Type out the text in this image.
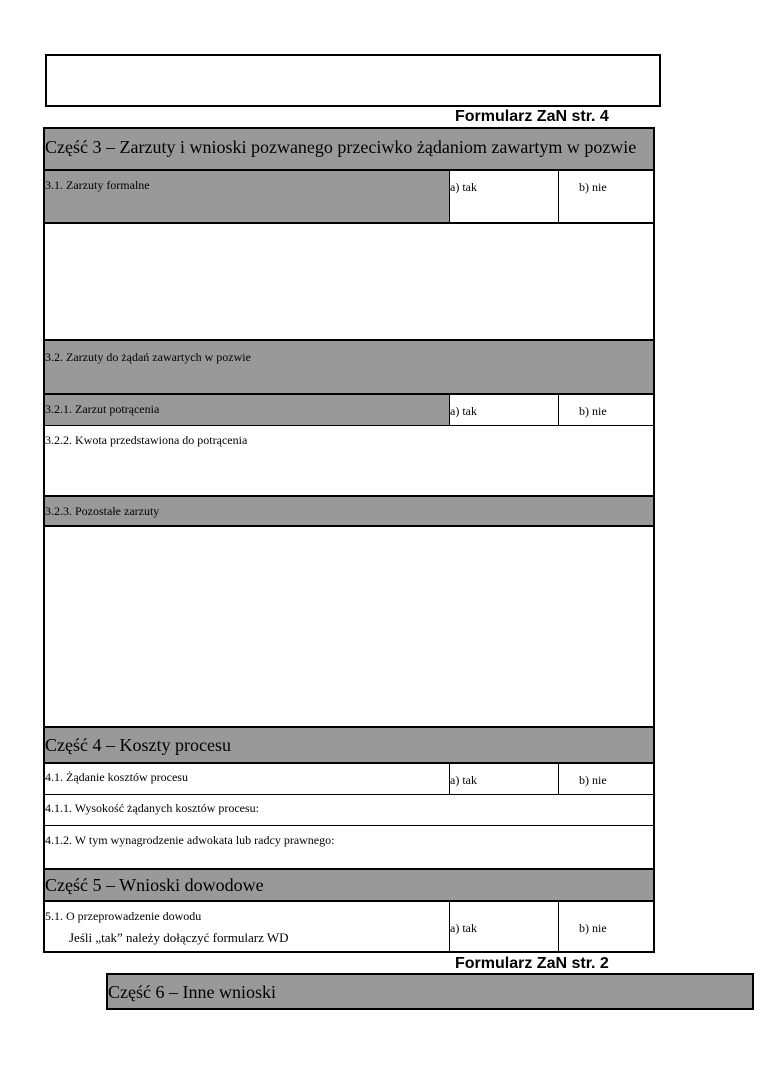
Formularz ZaN str. 4
Część 3 – Zarzuty i wnioski pozwanego przeciwko żądaniom zawartym w pozwie
3.1. Zarzuty formalne	a) tak	b) nie
3.2. Zarzuty do żądań zawartych w pozwie
3.2.1. Zarzut potrącenia	a) tak	b) nie
3.2.2. Kwota przedstawiona do potrącenia
3.2.3. Pozostałe zarzuty
Część 4 – Koszty procesu
4.1. Żądanie kosztów procesu	a) tak	b) nie
4.1.1. Wysokość żądanych kosztów procesu:
4.1.2. W tym wynagrodzenie adwokata lub radcy prawnego:
Część 5 – Wnioski dowodowe
5.1. O przeprowadzenie dowodu
Jeśli „tak” należy dołączyć formularz WD
a) tak	b) nie
Formularz ZaN str. 2
Część 6 – Inne wnioski
